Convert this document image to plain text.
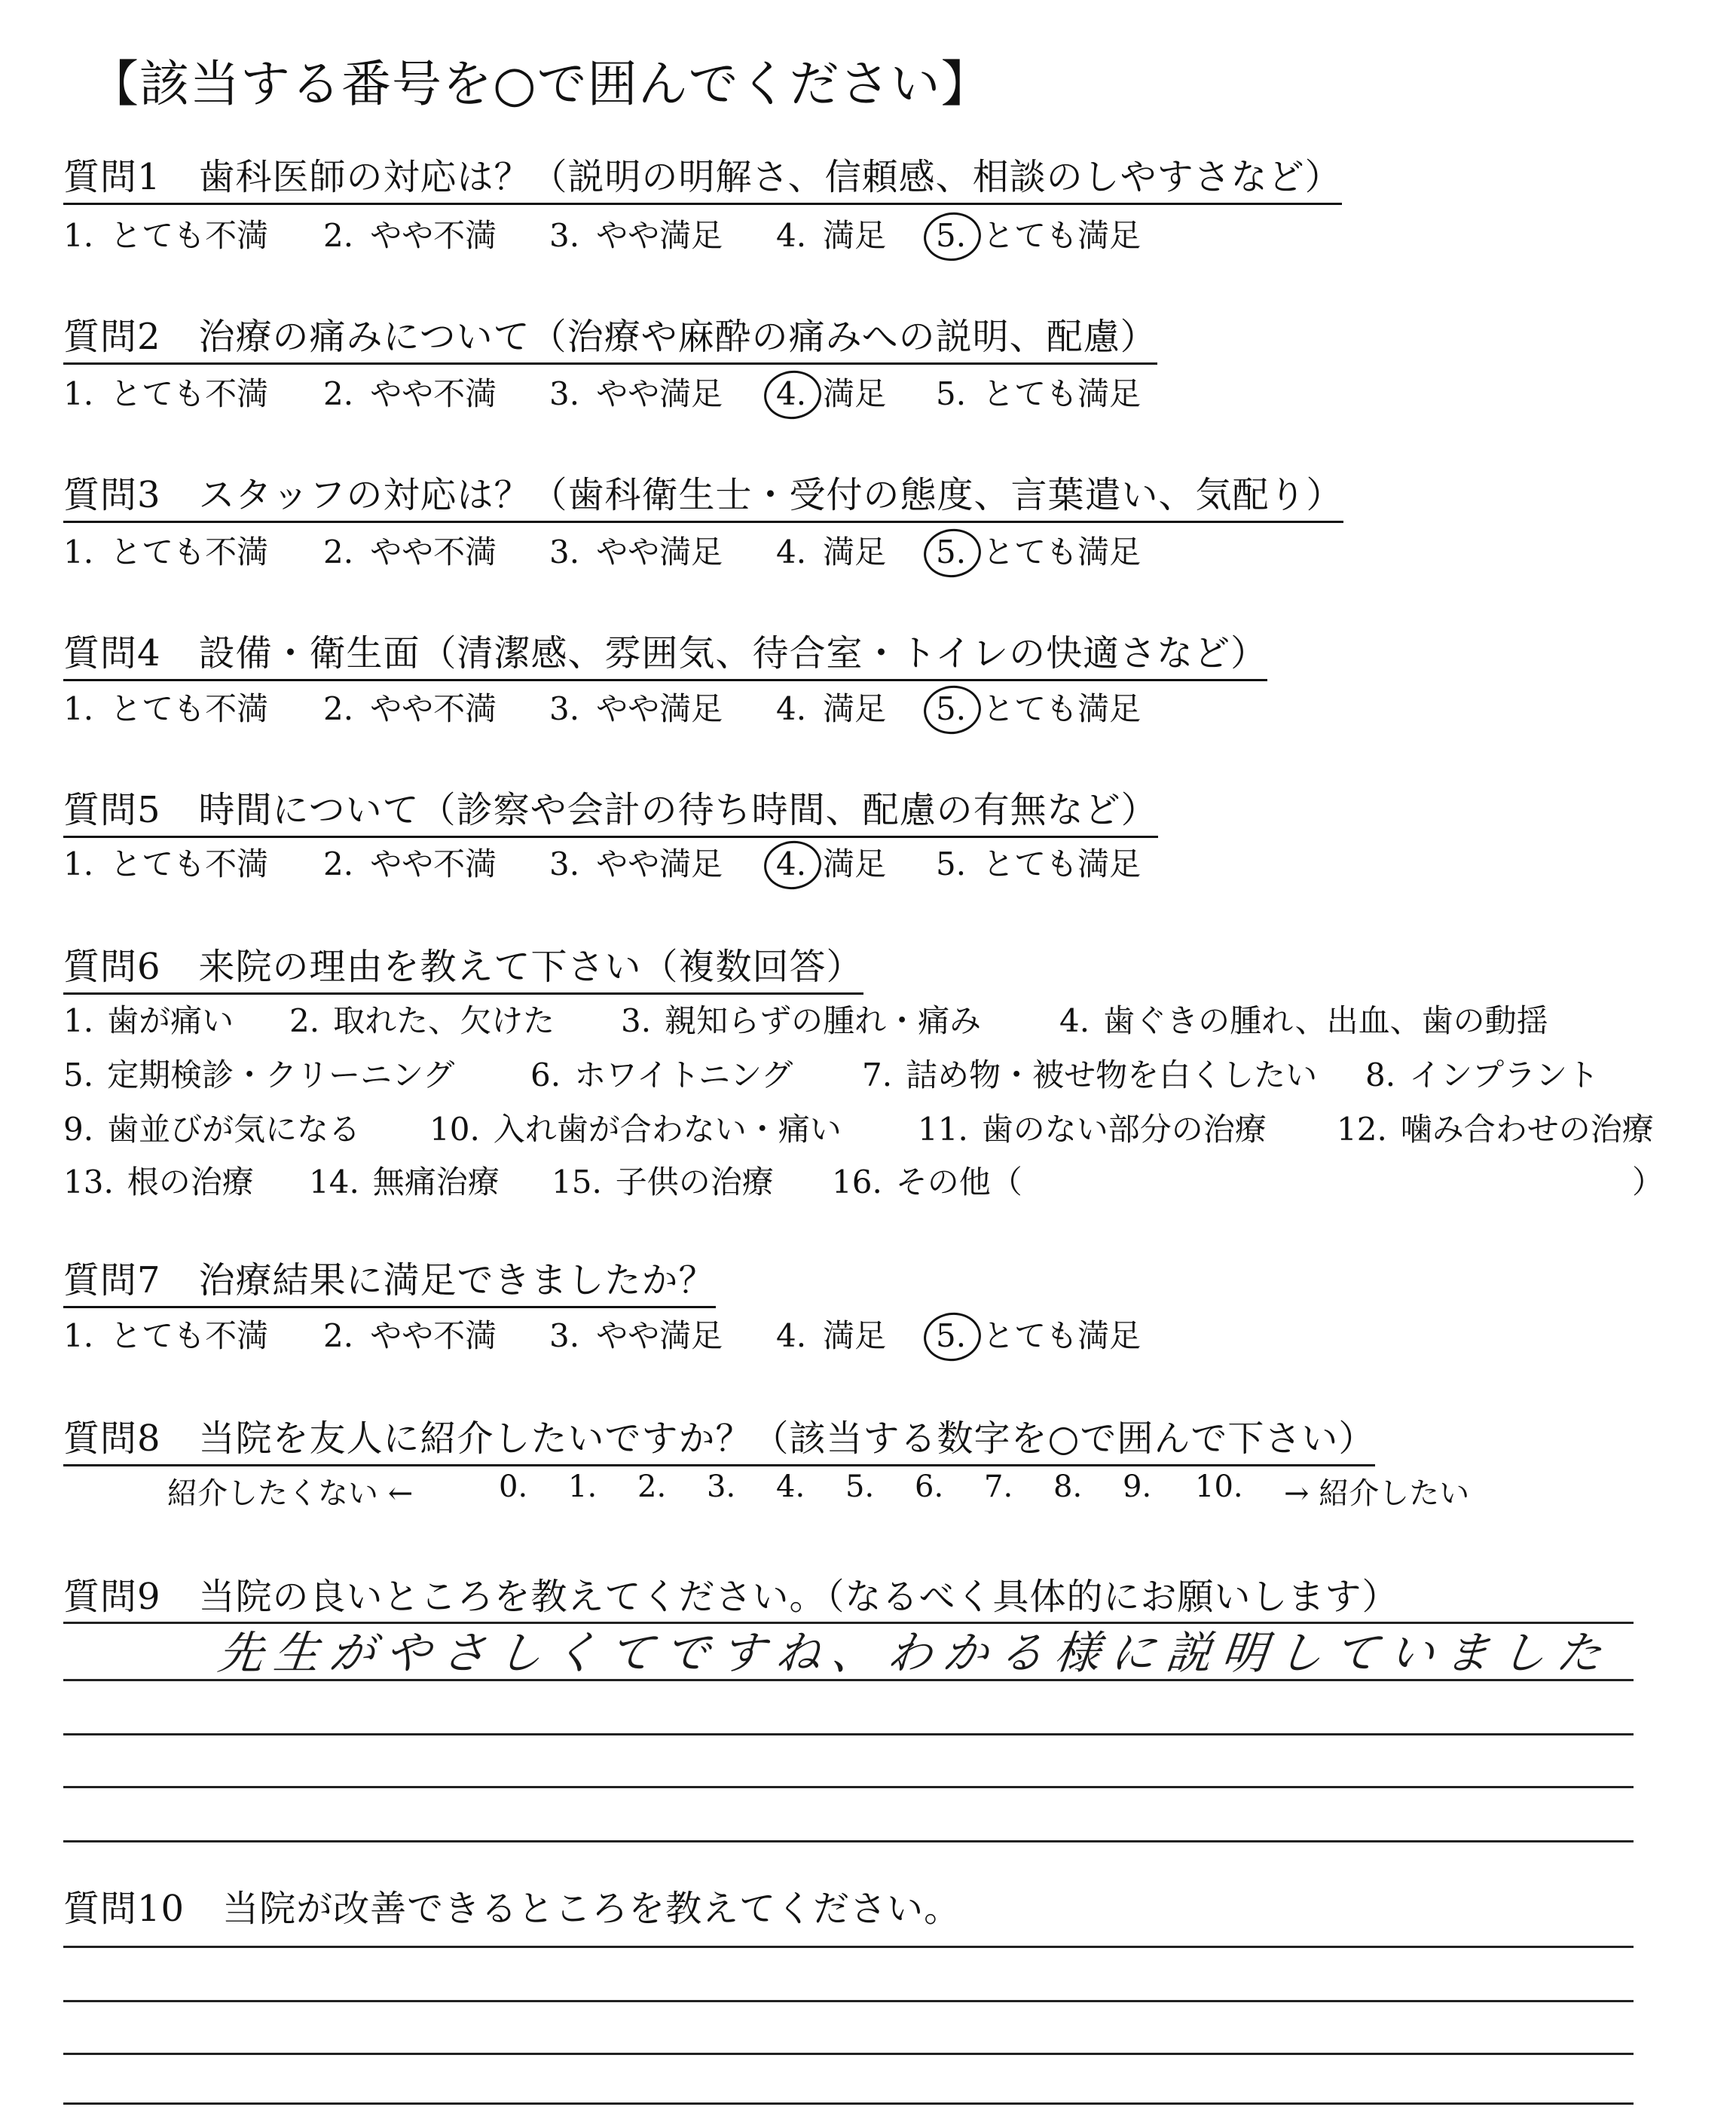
【該当する番号を○で囲んでください】
質問1 歯科医師の対応は？（説明の明解さ、信頼感、相談のしやすさなど）
1. とても不満 2. やや不満 3. やや満足 4. 満足 5. とても満足
質問2 治療の痛みについて（治療や麻酔の痛みへの説明、配慮）
1. とても不満 2. やや不満 3. やや満足 4. 満足 5. とても満足
質問3 スタッフの対応は？（歯科衛生士・受付の態度、言葉遣い、気配り）
1. とても不満 2. やや不満 3. やや満足 4. 満足 5. とても満足
質問4 設備・衛生面（清潔感、雰囲気、待合室・トイレの快適さなど）
1. とても不満 2. やや不満 3. やや満足 4. 満足 5. とても満足
質問5 時間について（診察や会計の待ち時間、配慮の有無など）
1. とても不満 2. やや不満 3. やや満足 4. 満足 5. とても満足
質問6 来院の理由を教えて下さい（複数回答）
1. 歯が痛い 2. 取れた、欠けた 3. 親知らずの腫れ・痛み 4. 歯ぐきの腫れ、出血、歯の動揺
5. 定期検診・クリーニング 6. ホワイトニング 7. 詰め物・被せ物を白くしたい 8. インプラント
9. 歯並びが気になる 10. 入れ歯が合わない・痛い 11. 歯のない部分の治療 12. 噛み合わせの治療
13. 根の治療 14. 無痛治療 15. 子供の治療 16. その他（	）
質問7 治療結果に満足できましたか？
1. とても不満 2. やや不満 3. やや満足 4. 満足 5. とても満足
質問8 当院を友人に紹介したいですか？（該当する数字を○で囲んで下さい）
紹介したくない ←	0. 1. 2. 3. 4. 5. 6. 7. 8. 9. 10. → 紹介したい
質問9 当院の良いところを教えてください。（なるべく具体的にお願いします）
先生がやさしくてですね、わかる様に説明していました
質問10 当院が改善できるところを教えてください。
